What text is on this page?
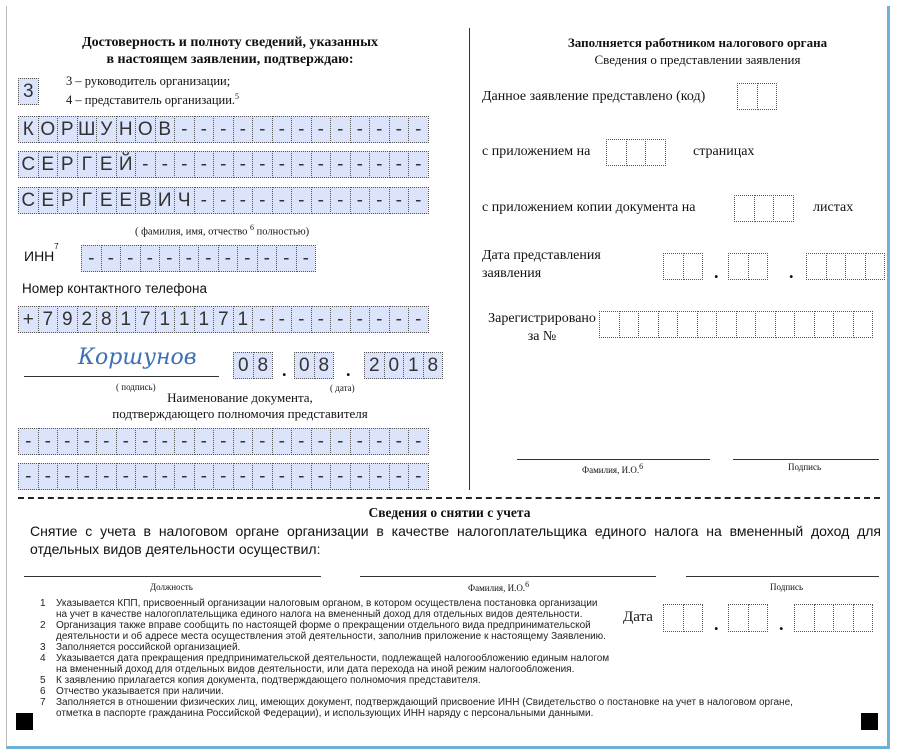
Достоверность и полноту сведений, указанных
в настоящем заявлении, подтверждаю:
3	3 – руководитель организации;
4 – представитель организации.$^5$
К О Р Ш У Н О В - - - - - - - - - - - - -
С Е Р Г Е Й - - - - - - - - - - - - - - -
С Е Р Г Е Е В И Ч - - - - - - - - - - - -
( фамилия, имя, отчество $^6$ полностью)
ИНН$^7$
- - - - - - - - - - - -
Номер контактного телефона
+ 7 9 2 8 1 7 1 1 1 7 1 - - - - - - - - -
Коршунов
( подпись)
0 8 . 0 8 . 2 0 1 8
( дата)
Наименование документа,
подтверждающего полномочия представителя
- - - - - - - - - - - - - - - - - - - - -
- - - - - - - - - - - - - - - - - - - - -
Заполняется работником налогового органа
Сведения о представлении заявления
Данное заявление представлено (код)
с приложением на	страницах
с приложением копии документа на	листах
Дата представления
заявления	.	.
Зарегистрировано
за №
Фамилия, И.О.$^6$	Подпись
Сведения о снятии с учета
Снятие с учета в налоговом органе организации в качестве налогоплательщика единого налога на вмененный доход для отдельных видов деятельности осуществил:
Должность	Фамилия, И.О.$^6$	Подпись
Дата	.	.
1	Указывается КПП, присвоенный организации налоговым органом, в котором осуществлена постановка организации на учет в качестве налогоплательщика единого налога на вмененный доход для отдельных видов деятельности.
2	Организация также вправе сообщить по настоящей форме о прекращении отдельного вида предпринимательской деятельности и об адресе места осуществления этой деятельности, заполнив приложение к настоящему Заявлению.
3	Заполняется российской организацией.
4	Указывается дата прекращения предпринимательской деятельности, подлежащей налогообложению единым налогом на вмененный доход для отдельных видов деятельности, или дата перехода на иной режим налогообложения.
5	К заявлению прилагается копия документа, подтверждающего полномочия представителя.
6	Отчество указывается при наличии.
7	Заполняется в отношении физических лиц, имеющих документ, подтверждающий присвоение ИНН (Свидетельство о постановке на учет в налоговом органе, отметка в паспорте гражданина Российской Федерации), и использующих ИНН наряду с персональными данными.
